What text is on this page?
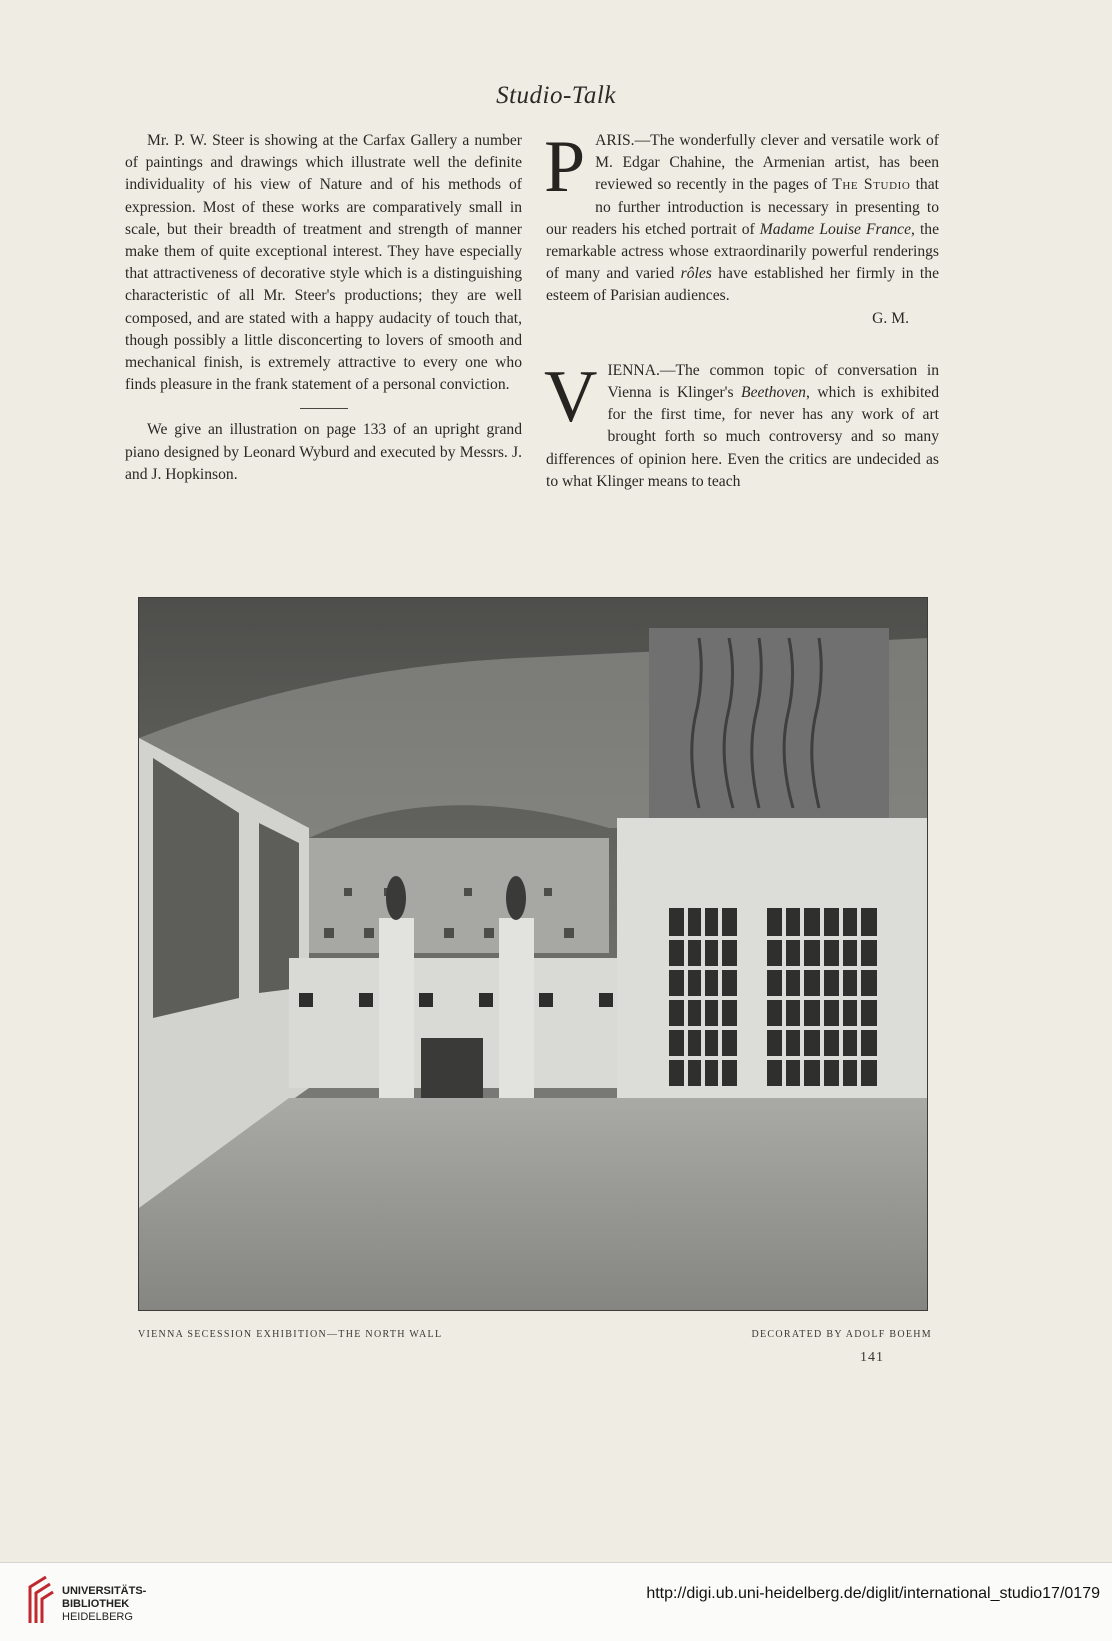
Studio-Talk

Mr. P. W. Steer is showing at the Carfax Gallery a number of paintings and drawings which illustrate well the definite individuality of his view of Nature and of his methods of expression. Most of these works are comparatively small in scale, but their breadth of treatment and strength of manner make them of quite exceptional interest. They have especially that attractiveness of decorative style which is a distinguishing characteristic of all Mr. Steer's productions; they are well composed, and are stated with a happy audacity of touch that, though possibly a little disconcerting to lovers of smooth and mechanical finish, is extremely attractive to every one who finds pleasure in the frank statement of a personal conviction.

We give an illustration on page 133 of an upright grand piano designed by Leonard Wyburd and executed by Messrs. J. and J. Hopkinson.

PARIS.—The wonderfully clever and versatile work of M. Edgar Chahine, the Armenian artist, has been reviewed so recently in the pages of The Studio that no further introduction is necessary in presenting to our readers his etched portrait of Madame Louise France, the remarkable actress whose extraordinarily powerful renderings of many and varied rôles have established her firmly in the esteem of Parisian audiences.

G. M.

VIENNA.—The common topic of conversation in Vienna is Klinger's Beethoven, which is exhibited for the first time, for never has any work of art brought forth so much controversy and so many differences of opinion here. Even the critics are undecided as to what Klinger means to teach

VIENNA SECESSION EXHIBITION—THE NORTH WALL	DECORATED BY ADOLF BOEHM
141
UNIVERSITÄTS-
BIBLIOTHEK
HEIDELBERG
http://digi.ub.uni-heidelberg.de/diglit/international_studio17/0179
